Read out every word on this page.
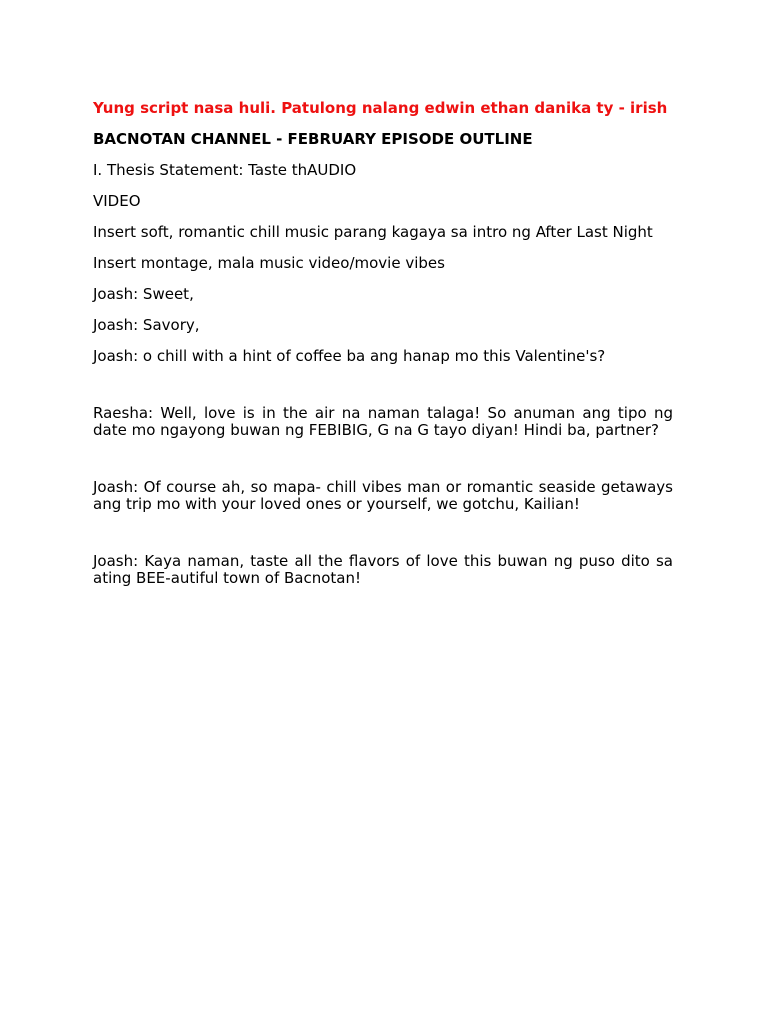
Yung script nasa huli. Patulong nalang edwin ethan danika ty - irish

BACNOTAN CHANNEL - FEBRUARY EPISODE OUTLINE

I. Thesis Statement: Taste thAUDIO

VIDEO

Insert soft, romantic chill music parang kagaya sa intro ng After Last Night

Insert montage, mala music video/movie vibes

Joash: Sweet,

Joash: Savory,

Joash: o chill with a hint of coffee ba ang hanap mo this Valentine's?

Raesha: Well, love is in the air na naman talaga! So anuman ang tipo ng date mo ngayong buwan ng FEBIBIG, G na G tayo diyan! Hindi ba, partner?

Joash: Of course ah, so mapa- chill vibes man or romantic seaside getaways ang trip mo with your loved ones or yourself, we gotchu, Kailian!

Joash: Kaya naman, taste all the flavors of love this buwan ng puso dito sa ating BEE-autiful town of Bacnotan!
